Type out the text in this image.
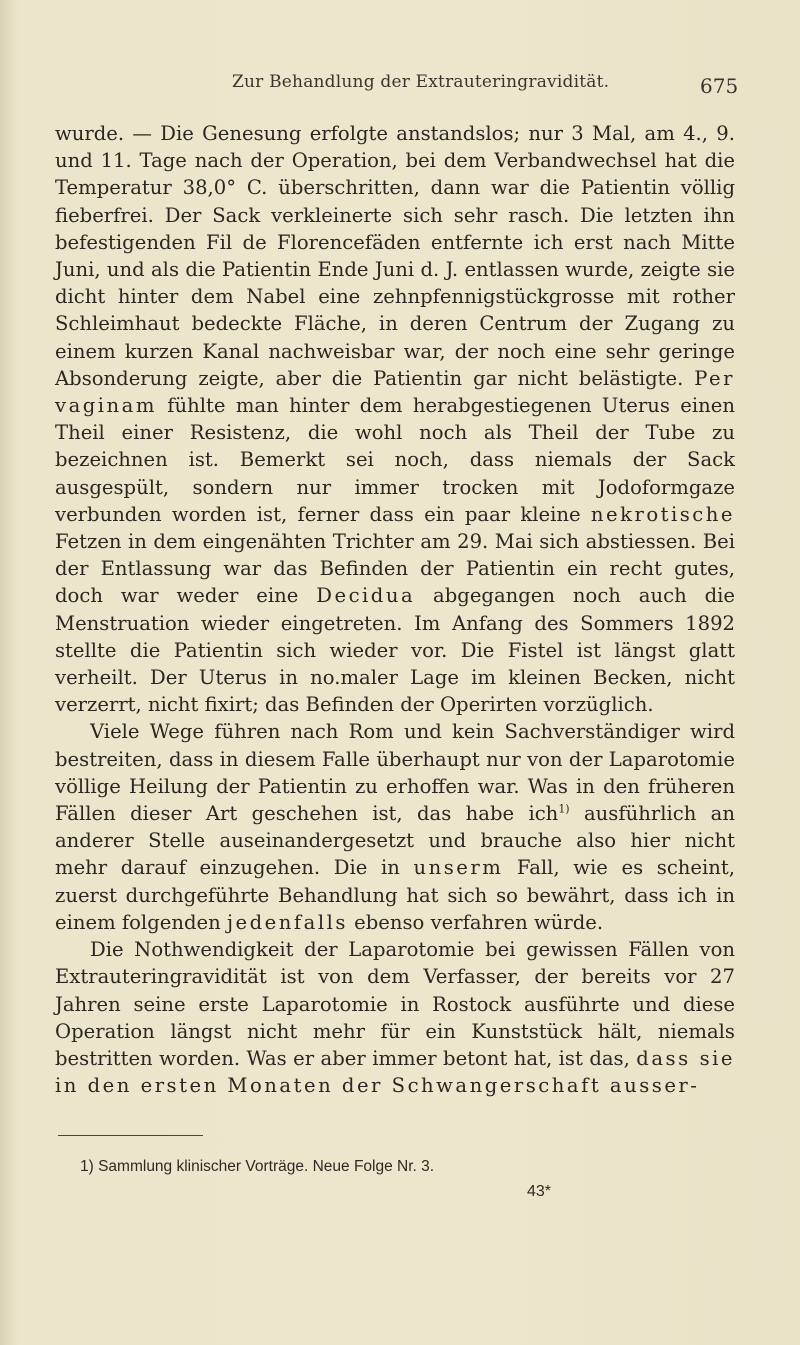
Zur Behandlung der Extrauteringravidität.	675

wurde. — Die Genesung erfolgte anstandslos; nur 3 Mal, am 4., 9. und 11. Tage nach der Operation, bei dem Verbandwechsel hat die Temperatur 38,0° C. überschritten, dann war die Patientin völlig fieberfrei. Der Sack verkleinerte sich sehr rasch. Die letzten ihn befestigenden Fil de Florencefäden entfernte ich erst nach Mitte Juni, und als die Patientin Ende Juni d. J. entlassen wurde, zeigte sie dicht hinter dem Nabel eine zehnpfennigstückgrosse mit rother Schleimhaut bedeckte Fläche, in deren Centrum der Zugang zu einem kurzen Kanal nachweisbar war, der noch eine sehr geringe Absonderung zeigte, aber die Patientin gar nicht belästigte. Per vaginam fühlte man hinter dem herabgestiegenen Uterus einen Theil einer Resistenz, die wohl noch als Theil der Tube zu bezeichnen ist. Bemerkt sei noch, dass niemals der Sack ausgespült, sondern nur immer trocken mit Jodoformgaze verbunden worden ist, ferner dass ein paar kleine nekrotische Fetzen in dem eingenähten Trichter am 29. Mai sich abstiessen. Bei der Entlassung war das Befinden der Patientin ein recht gutes, doch war weder eine Decidua abgegangen noch auch die Menstruation wieder eingetreten. Im Anfang des Sommers 1892 stellte die Patientin sich wieder vor. Die Fistel ist längst glatt verheilt. Der Uterus in no.maler Lage im kleinen Becken, nicht verzerrt, nicht fixirt; das Befinden der Operirten vorzüglich.

Viele Wege führen nach Rom und kein Sachverständiger wird bestreiten, dass in diesem Falle überhaupt nur von der Laparotomie völlige Heilung der Patientin zu erhoffen war. Was in den früheren Fällen dieser Art geschehen ist, das habe ich$^{1)}$ ausführlich an anderer Stelle auseinandergesetzt und brauche also hier nicht mehr darauf einzugehen. Die in unserm Fall, wie es scheint, zuerst durchgeführte Behandlung hat sich so bewährt, dass ich in einem folgenden jedenfalls ebenso verfahren würde.

Die Nothwendigkeit der Laparotomie bei gewissen Fällen von Extrauteringravidität ist von dem Verfasser, der bereits vor 27 Jahren seine erste Laparotomie in Rostock ausführte und diese Operation längst nicht mehr für ein Kunststück hält, niemals bestritten worden. Was er aber immer betont hat, ist das, dass sie in den ersten Monaten der Schwangerschaft ausser-

1) Sammlung klinischer Vorträge. Neue Folge Nr. 3.
43*
